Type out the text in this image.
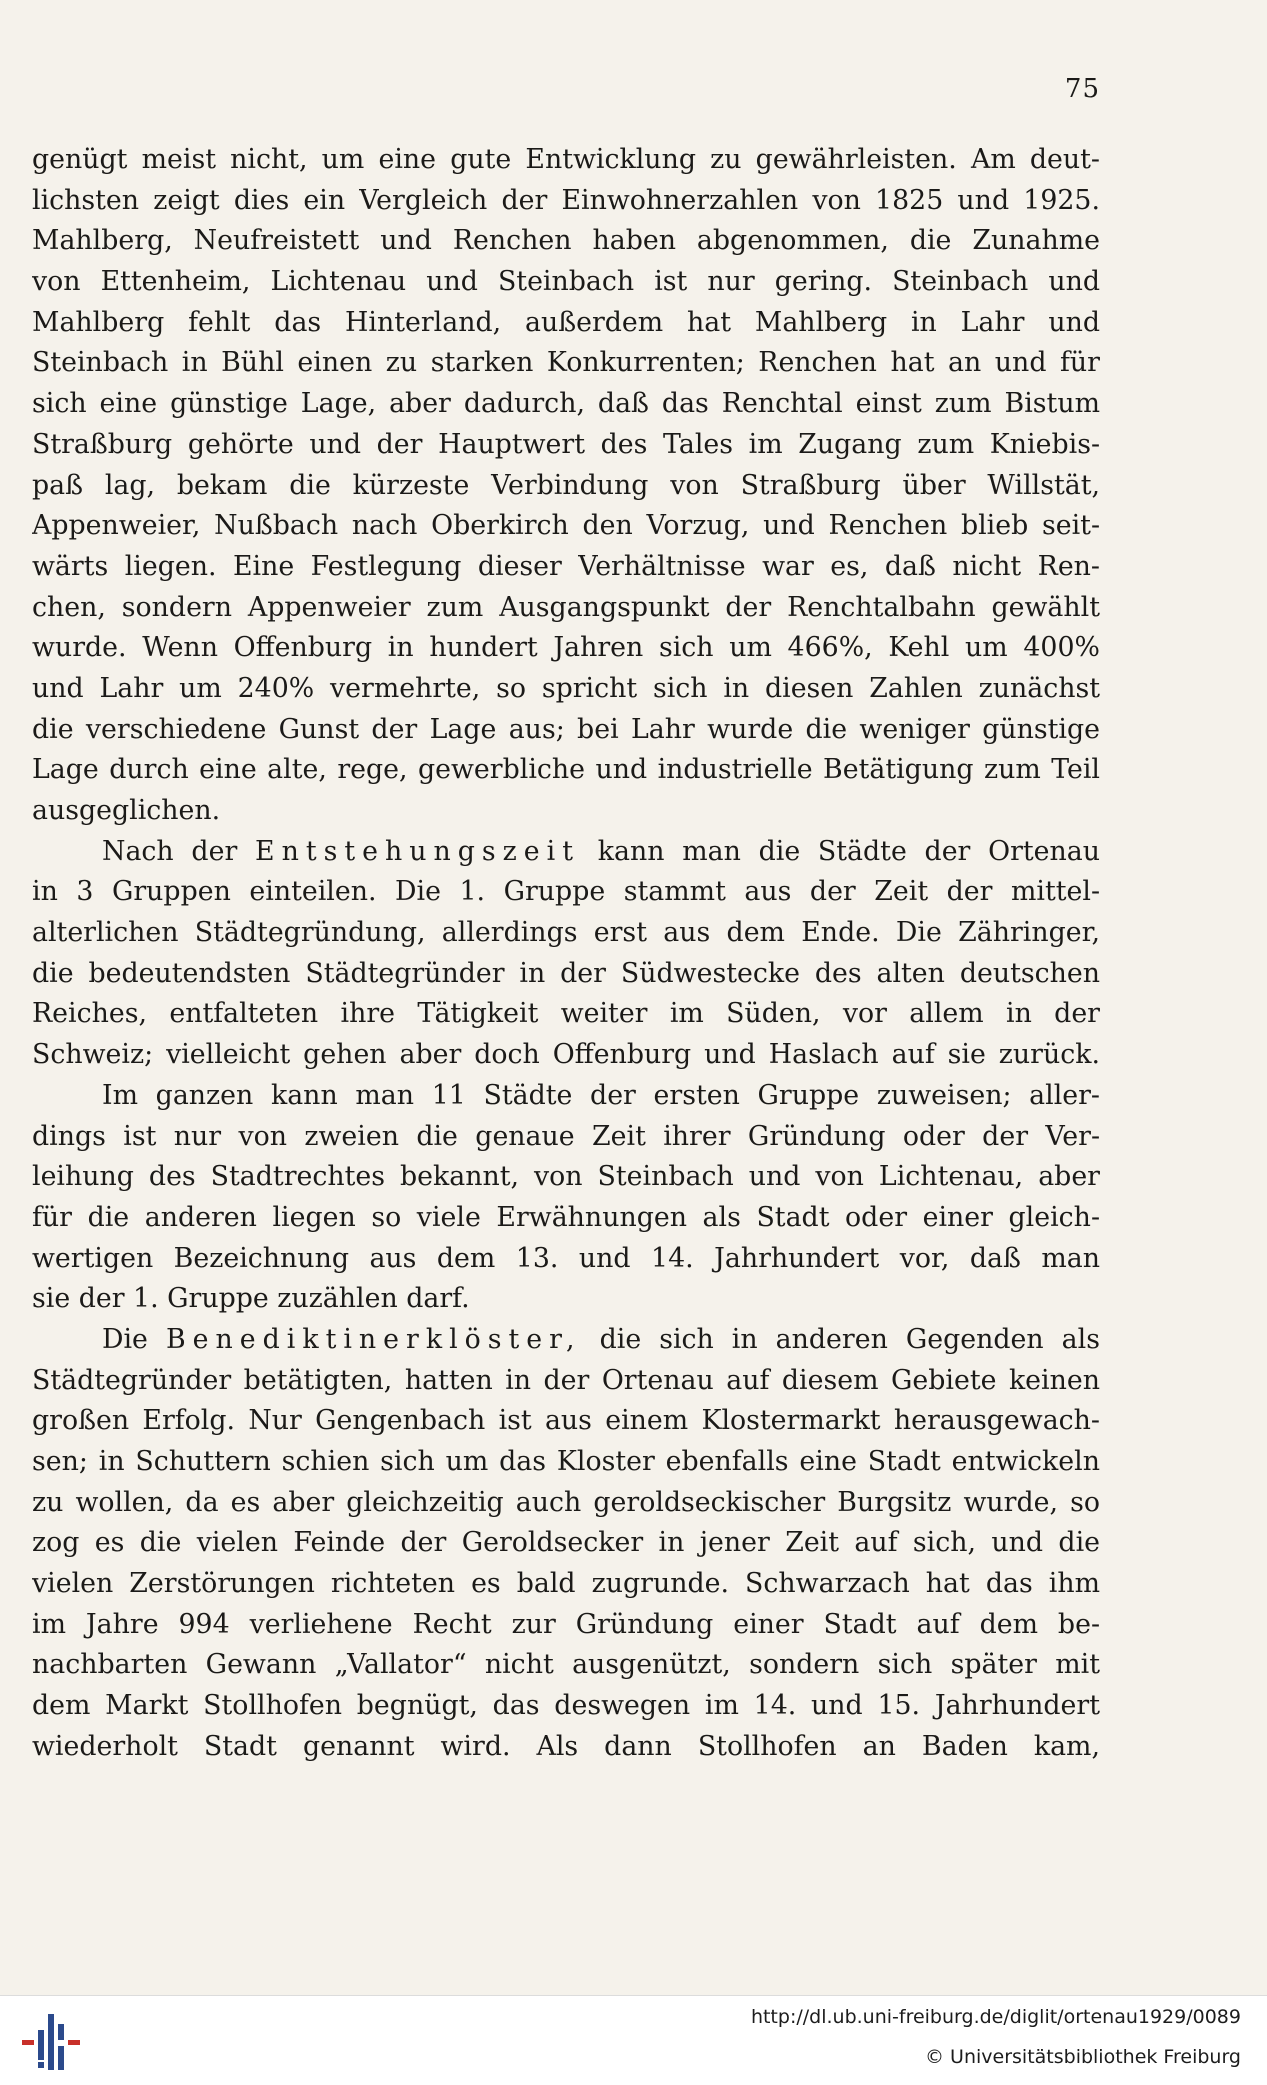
75
genügt meist nicht, um eine gute Entwicklung zu gewährleisten. Am deut-
lichsten zeigt dies ein Vergleich der Einwohnerzahlen von 1825 und 1925.
Mahlberg, Neufreistett und Renchen haben abgenommen, die Zunahme
von Ettenheim, Lichtenau und Steinbach ist nur gering. Steinbach und
Mahlberg fehlt das Hinterland, außerdem hat Mahlberg in Lahr und
Steinbach in Bühl einen zu starken Konkurrenten; Renchen hat an und für
sich eine günstige Lage, aber dadurch, daß das Renchtal einst zum Bistum
Straßburg gehörte und der Hauptwert des Tales im Zugang zum Kniebis-
paß lag, bekam die kürzeste Verbindung von Straßburg über Willstät,
Appenweier, Nußbach nach Oberkirch den Vorzug, und Renchen blieb seit-
wärts liegen. Eine Festlegung dieser Verhältnisse war es, daß nicht Ren-
chen, sondern Appenweier zum Ausgangspunkt der Renchtalbahn gewählt
wurde. Wenn Offenburg in hundert Jahren sich um 466%, Kehl um 400%
und Lahr um 240% vermehrte, so spricht sich in diesen Zahlen zunächst
die verschiedene Gunst der Lage aus; bei Lahr wurde die weniger günstige
Lage durch eine alte, rege, gewerbliche und industrielle Betätigung zum Teil
ausgeglichen.
Nach der Entstehungszeit kann man die Städte der Ortenau
in 3 Gruppen einteilen. Die 1. Gruppe stammt aus der Zeit der mittel-
alterlichen Städtegründung, allerdings erst aus dem Ende. Die Zähringer,
die bedeutendsten Städtegründer in der Südwestecke des alten deutschen
Reiches, entfalteten ihre Tätigkeit weiter im Süden, vor allem in der
Schweiz; vielleicht gehen aber doch Offenburg und Haslach auf sie zurück.
Im ganzen kann man 11 Städte der ersten Gruppe zuweisen; aller-
dings ist nur von zweien die genaue Zeit ihrer Gründung oder der Ver-
leihung des Stadtrechtes bekannt, von Steinbach und von Lichtenau, aber
für die anderen liegen so viele Erwähnungen als Stadt oder einer gleich-
wertigen Bezeichnung aus dem 13. und 14. Jahrhundert vor, daß man
sie der 1. Gruppe zuzählen darf.
Die Benediktinerklöster, die sich in anderen Gegenden als
Städtegründer betätigten, hatten in der Ortenau auf diesem Gebiete keinen
großen Erfolg. Nur Gengenbach ist aus einem Klostermarkt herausgewach-
sen; in Schuttern schien sich um das Kloster ebenfalls eine Stadt entwickeln
zu wollen, da es aber gleichzeitig auch geroldseckischer Burgsitz wurde, so
zog es die vielen Feinde der Geroldsecker in jener Zeit auf sich, und die
vielen Zerstörungen richteten es bald zugrunde. Schwarzach hat das ihm
im Jahre 994 verliehene Recht zur Gründung einer Stadt auf dem be-
nachbarten Gewann „Vallator“ nicht ausgenützt, sondern sich später mit
dem Markt Stollhofen begnügt, das deswegen im 14. und 15. Jahrhundert
wiederholt Stadt genannt wird. Als dann Stollhofen an Baden kam,
http://dl.ub.uni-freiburg.de/diglit/ortenau1929/0089
© Universitätsbibliothek Freiburg
